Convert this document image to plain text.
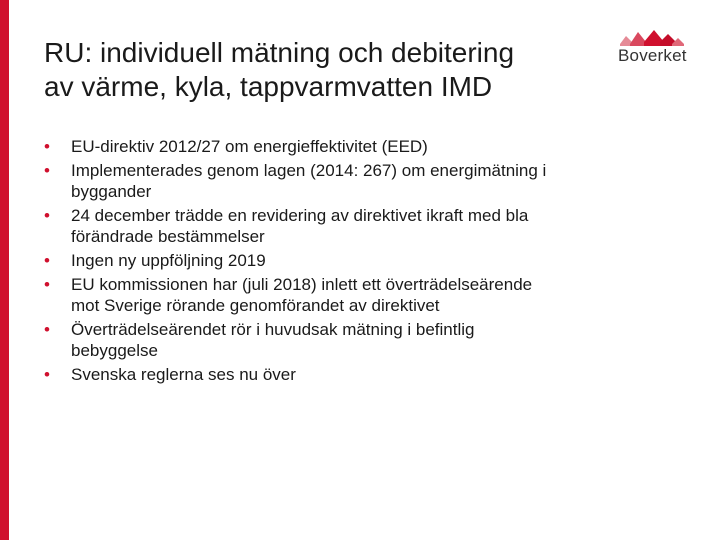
RU: individuell mätning och debitering
av värme, kyla, tappvarmvatten IMD
Boverket
• EU-direktiv 2012/27 om energieffektivitet (EED)
• Implementerades genom lagen (2014: 267) om energimätning i byggander
• 24 december trädde en revidering av direktivet ikraft med bla förändrade bestämmelser
• Ingen ny uppföljning 2019
• EU kommissionen har (juli 2018) inlett ett överträdelseärende mot Sverige rörande genomförandet av direktivet
• Överträdelseärendet rör i huvudsak mätning i befintlig bebyggelse
• Svenska reglerna ses nu över
